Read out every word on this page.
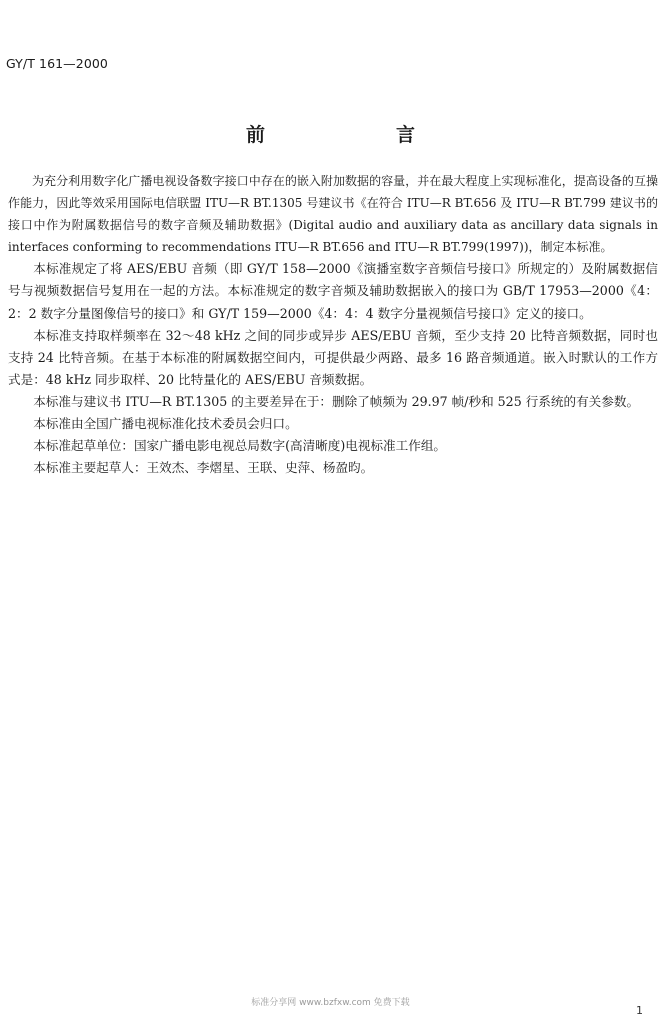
GY/T 161—2000
前　言

为充分利用数字化广播电视设备数字接口中存在的嵌入附加数据的容量，并在最大程度上实现标准化，提高设备的互操作能力，因此等效采用国际电信联盟 ITU—R BT.1305 号建议书《在符合 ITU—R BT.656 及 ITU—R BT.799 建议书的接口中作为附属数据信号的数字音频及辅助数据》(Digital audio and auxiliary data as ancillary data signals in interfaces conforming to recommendations ITU—R BT.656 and ITU—R BT.799(1997))，制定本标准。

本标准规定了将 AES/EBU 音频（即 GY/T 158—2000《演播室数字音频信号接口》所规定的）及附属数据信号与视频数据信号复用在一起的方法。本标准规定的数字音频及辅助数据嵌入的接口为 GB/T 17953—2000《4：2：2 数字分量图像信号的接口》和 GY/T 159—2000《4：4：4 数字分量视频信号接口》定义的接口。

本标准支持取样频率在 32～48 kHz 之间的同步或异步 AES/EBU 音频，至少支持 20 比特音频数据，同时也支持 24 比特音频。在基于本标准的附属数据空间内，可提供最少两路、最多 16 路音频通道。嵌入时默认的工作方式是：48 kHz 同步取样、20 比特量化的 AES/EBU 音频数据。

本标准与建议书 ITU—R BT.1305 的主要差异在于：删除了帧频为 29.97 帧/秒和 525 行系统的有关参数。

本标准由全国广播电视标准化技术委员会归口。

本标准起草单位：国家广播电影电视总局数字(高清晰度)电视标准工作组。

本标准主要起草人：王效杰、李熠星、王联、史萍、杨盈昀。

标准分享网 www.bzfxw.com 免费下载
1
